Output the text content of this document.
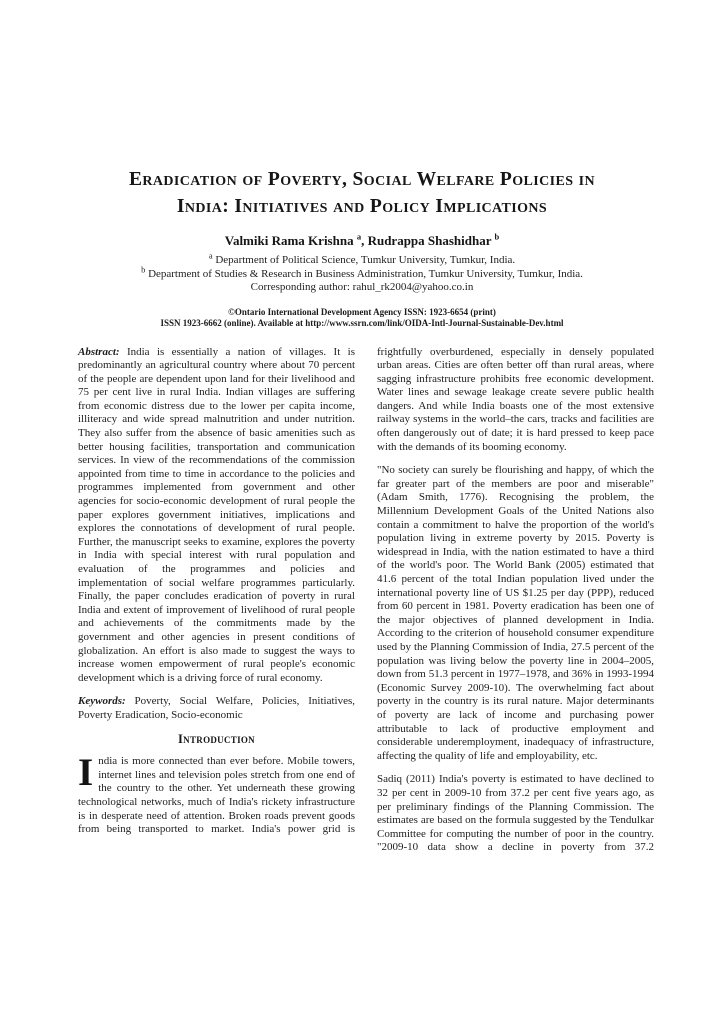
Eradication of Poverty, Social Welfare Policies in
India: Initiatives and Policy Implications
Valmiki Rama Krishna $^a$, Rudrappa Shashidhar $^b$
$^a$ Department of Political Science, Tumkur University, Tumkur, India.
$^b$ Department of Studies & Research in Business Administration, Tumkur University, Tumkur, India.
Corresponding author: rahul_rk2004@yahoo.co.in
©Ontario International Development Agency ISSN: 1923-6654 (print)
ISSN 1923-6662 (online). Available at http://www.ssrn.com/link/OIDA-Intl-Journal-Sustainable-Dev.html

Abstract: India is essentially a nation of villages. It is predominantly an agricultural country where about 70 percent of the people are dependent upon land for their livelihood and 75 per cent live in rural India. Indian villages are suffering from economic distress due to the lower per capita income, illiteracy and wide spread malnutrition and under nutrition. They also suffer from the absence of basic amenities such as better housing facilities, transportation and communication services. In view of the recommendations of the commission appointed from time to time in accordance to the policies and programmes implemented from government and other agencies for socio-economic development of rural people the paper explores government initiatives, implications and explores the connotations of development of rural people. Further, the manuscript seeks to examine, explores the poverty in India with special interest with rural population and evaluation of the programmes and policies and implementation of social welfare programmes particularly. Finally, the paper concludes eradication of poverty in rural India and extent of improvement of livelihood of rural people and achievements of the commitments made by the government and other agencies in present conditions of globalization. An effort is also made to suggest the ways to increase women empowerment of rural people's economic development which is a driving force of rural economy.

Keywords: Poverty, Social Welfare, Policies, Initiatives, Poverty Eradication, Socio-economic

Introduction

India is more connected than ever before. Mobile towers, internet lines and television poles stretch from one end of the country to the other. Yet underneath these growing technological networks, much of India's rickety infrastructure is in desperate need of attention. Broken roads prevent goods from being transported to market. India's power grid is

frightfully overburdened, especially in densely populated urban areas. Cities are often better off than rural areas, where sagging infrastructure prohibits free economic development. Water lines and sewage leakage create severe public health dangers. And while India boasts one of the most extensive railway systems in the world–the cars, tracks and facilities are often dangerously out of date; it is hard pressed to keep pace with the demands of its booming economy.

"No society can surely be flourishing and happy, of which the far greater part of the members are poor and miserable" (Adam Smith, 1776). Recognising the problem, the Millennium Development Goals of the United Nations also contain a commitment to halve the proportion of the world's population living in extreme poverty by 2015. Poverty is widespread in India, with the nation estimated to have a third of the world's poor. The World Bank (2005) estimated that 41.6 percent of the total Indian population lived under the international poverty line of US $1.25 per day (PPP), reduced from 60 percent in 1981. Poverty eradication has been one of the major objectives of planned development in India. According to the criterion of household consumer expenditure used by the Planning Commission of India, 27.5 percent of the population was living below the poverty line in 2004–2005, down from 51.3 percent in 1977–1978, and 36% in 1993-1994 (Economic Survey 2009-10). The overwhelming fact about poverty in the country is its rural nature. Major determinants of poverty are lack of income and purchasing power attributable to lack of productive employment and considerable underemployment, inadequacy of infrastructure, affecting the quality of life and employability, etc.

Sadiq (2011) India's poverty is estimated to have declined to 32 per cent in 2009-10 from 37.2 per cent five years ago, as per preliminary findings of the Planning Commission. The estimates are based on the formula suggested by the Tendulkar Committee for computing the number of poor in the country. "2009-10 data show a decline in poverty from 37.2
